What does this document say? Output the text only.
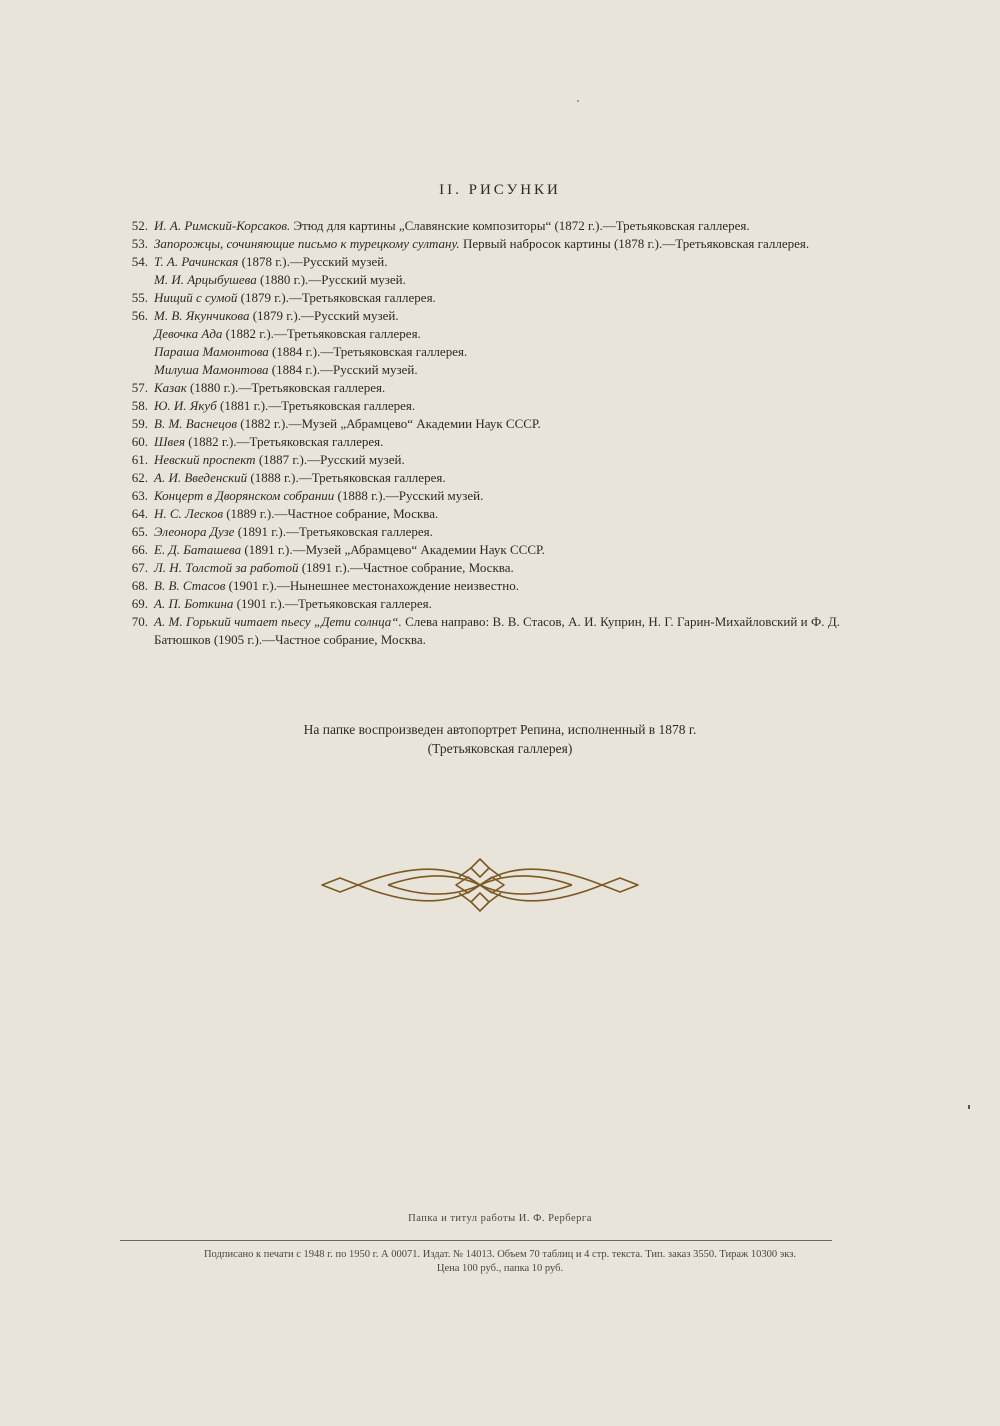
II. РИСУНКИ
52. И. А. Римский-Корсаков. Этюд для картины „Славянские композиторы“ (1872 г.).—Третьяковская галлерея.
53. Запорожцы, сочиняющие письмо к турецкому султану. Первый набросок картины (1878 г.).—Третьяковская галлерея.
54. Т. А. Рачинская (1878 г.).—Русский музей.
М. И. Арцыбушева (1880 г.).—Русский музей.
55. Нищий с сумой (1879 г.).—Третьяковская галлерея.
56. М. В. Якунчикова (1879 г.).—Русский музей.
Девочка Ада (1882 г.).—Третьяковская галлерея.
Параша Мамонтова (1884 г.).—Третьяковская галлерея.
Милуша Мамонтова (1884 г.).—Русский музей.
57. Казак (1880 г.).—Третьяковская галлерея.
58. Ю. И. Якуб (1881 г.).—Третьяковская галлерея.
59. В. М. Васнецов (1882 г.).—Музей „Абрамцево“ Академии Наук СССР.
60. Швея (1882 г.).—Третьяковская галлерея.
61. Невский проспект (1887 г.).—Русский музей.
62. А. И. Введенский (1888 г.).—Третьяковская галлерея.
63. Концерт в Дворянском собрании (1888 г.).—Русский музей.
64. Н. С. Лесков (1889 г.).—Частное собрание, Москва.
65. Элеонора Дузе (1891 г.).—Третьяковская галлерея.
66. Е. Д. Баташева (1891 г.).—Музей „Абрамцево“ Академии Наук СССР.
67. Л. Н. Толстой за работой (1891 г.).—Частное собрание, Москва.
68. В. В. Стасов (1901 г.).—Нынешнее местонахождение неизвестно.
69. А. П. Боткина (1901 г.).—Третьяковская галлерея.
70. А. М. Горький читает пьесу „Дети солнца“. Слева направо: В. В. Стасов, А. И. Куприн, Н. Г. Гарин-Михайловский и Ф. Д. Батюшков (1905 г.).—Частное собрание, Москва.
На папке воспроизведен автопортрет Репина, исполненный в 1878 г.
(Третьяковская галлерея)
Папка и титул работы И. Ф. Рерберга
Подписано к печати с 1948 г. по 1950 г. А 00071. Издат. № 14013. Объем 70 таблиц и 4 стр. текста. Тип. заказ 3550. Тираж 10300 экз.
Цена 100 руб., папка 10 руб.
